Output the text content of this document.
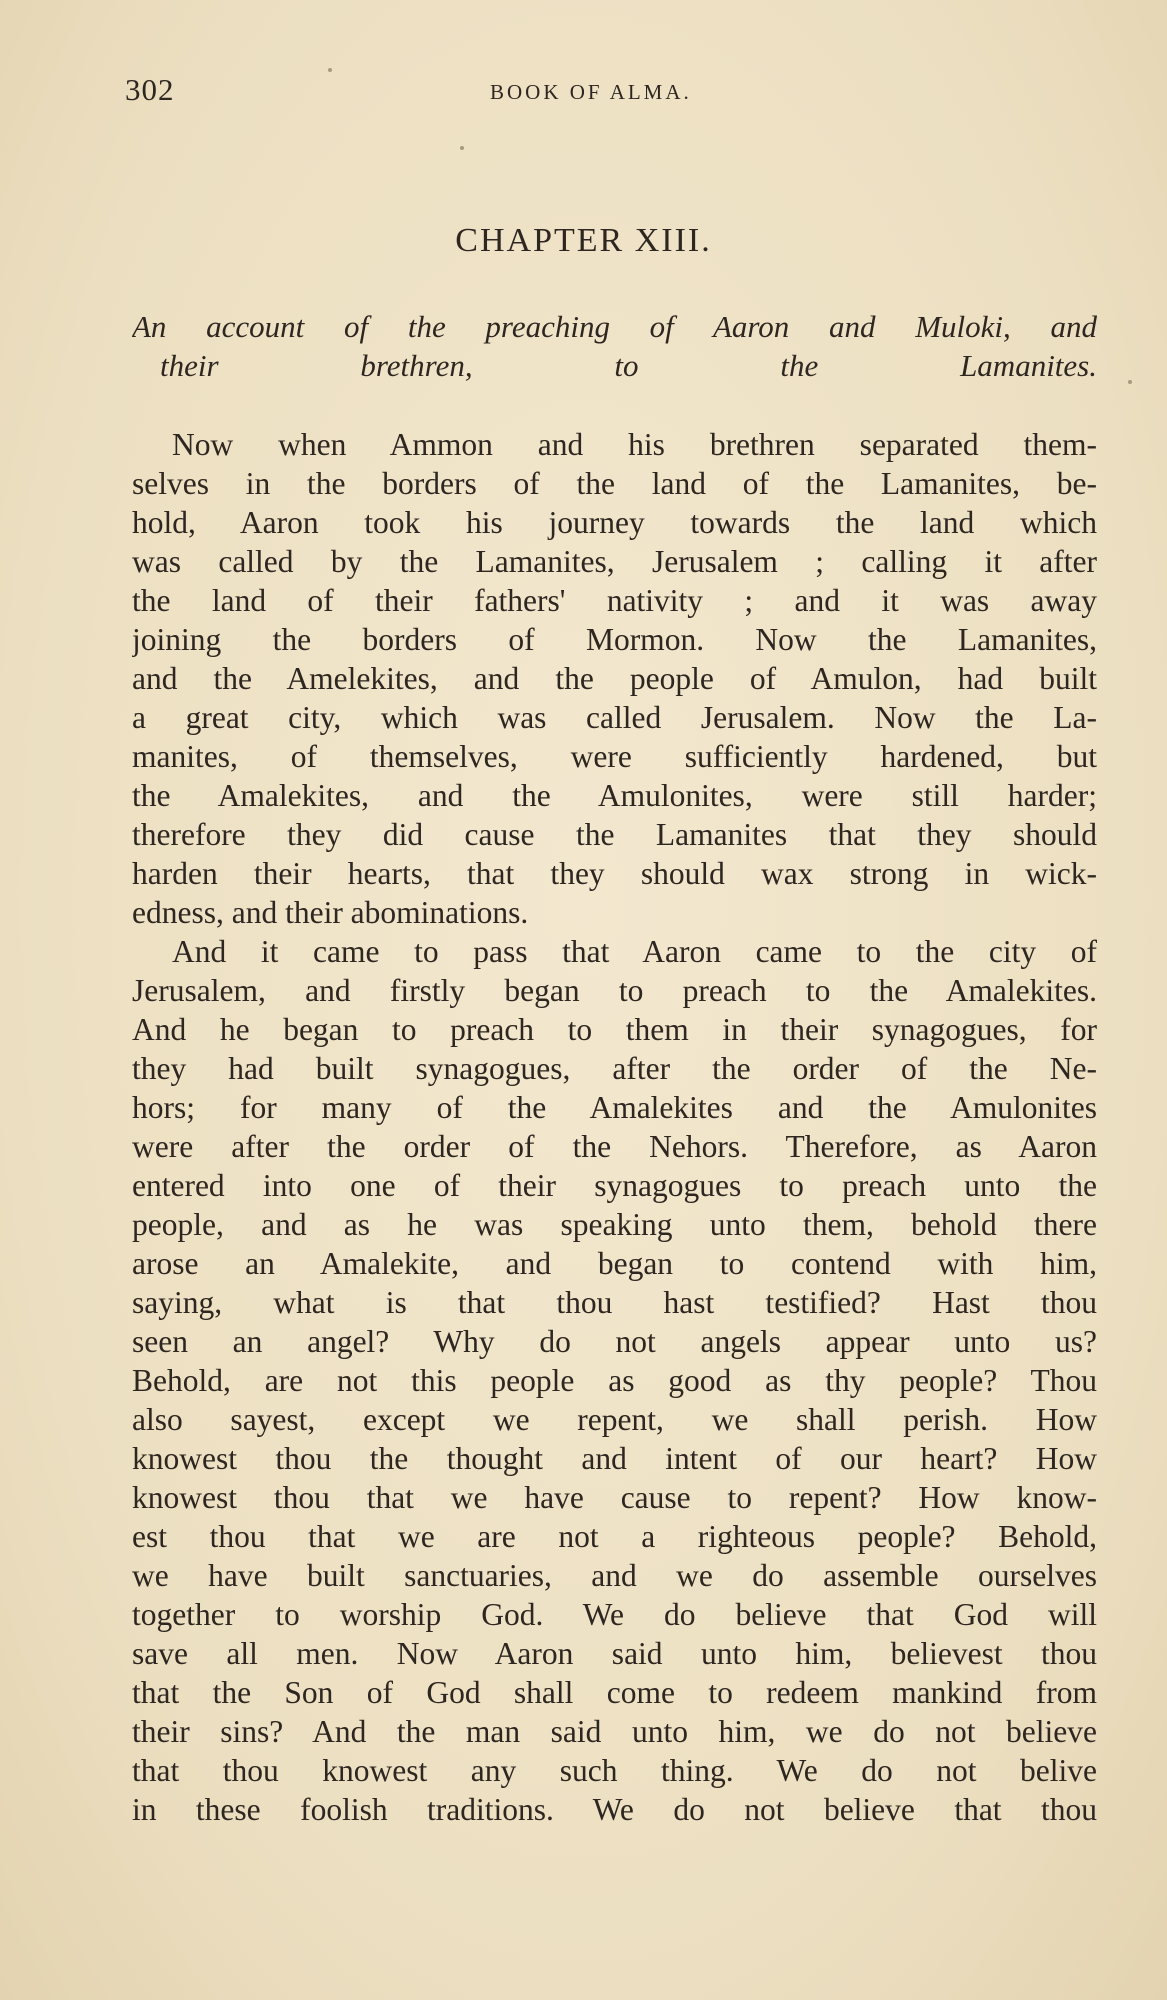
302	BOOK OF ALMA.
CHAPTER XIII.
An account of the preaching of Aaron and Muloki, and
their brethren, to the Lamanites.
Now when Ammon and his brethren separated them-
selves in the borders of the land of the Lamanites, be-
hold, Aaron took his journey towards the land which
was called by the Lamanites, Jerusalem ; calling it after
the land of their fathers' nativity ; and it was away
joining the borders of Mormon. Now the Lamanites,
and the Amelekites, and the people of Amulon, had built
a great city, which was called Jerusalem. Now the La-
manites, of themselves, were sufficiently hardened, but
the Amalekites, and the Amulonites, were still harder;
therefore they did cause the Lamanites that they should
harden their hearts, that they should wax strong in wick-
edness, and their abominations.
And it came to pass that Aaron came to the city of
Jerusalem, and firstly began to preach to the Amalekites.
And he began to preach to them in their synagogues, for
they had built synagogues, after the order of the Ne-
hors; for many of the Amalekites and the Amulonites
were after the order of the Nehors. Therefore, as Aaron
entered into one of their synagogues to preach unto the
people, and as he was speaking unto them, behold there
arose an Amalekite, and began to contend with him,
saying, what is that thou hast testified? Hast thou
seen an angel? Why do not angels appear unto us?
Behold, are not this people as good as thy people? Thou
also sayest, except we repent, we shall perish. How
knowest thou the thought and intent of our heart? How
knowest thou that we have cause to repent? How know-
est thou that we are not a righteous people? Behold,
we have built sanctuaries, and we do assemble ourselves
together to worship God. We do believe that God will
save all men. Now Aaron said unto him, believest thou
that the Son of God shall come to redeem mankind from
their sins? And the man said unto him, we do not believe
that thou knowest any such thing. We do not belive
in these foolish traditions. We do not believe that thou
